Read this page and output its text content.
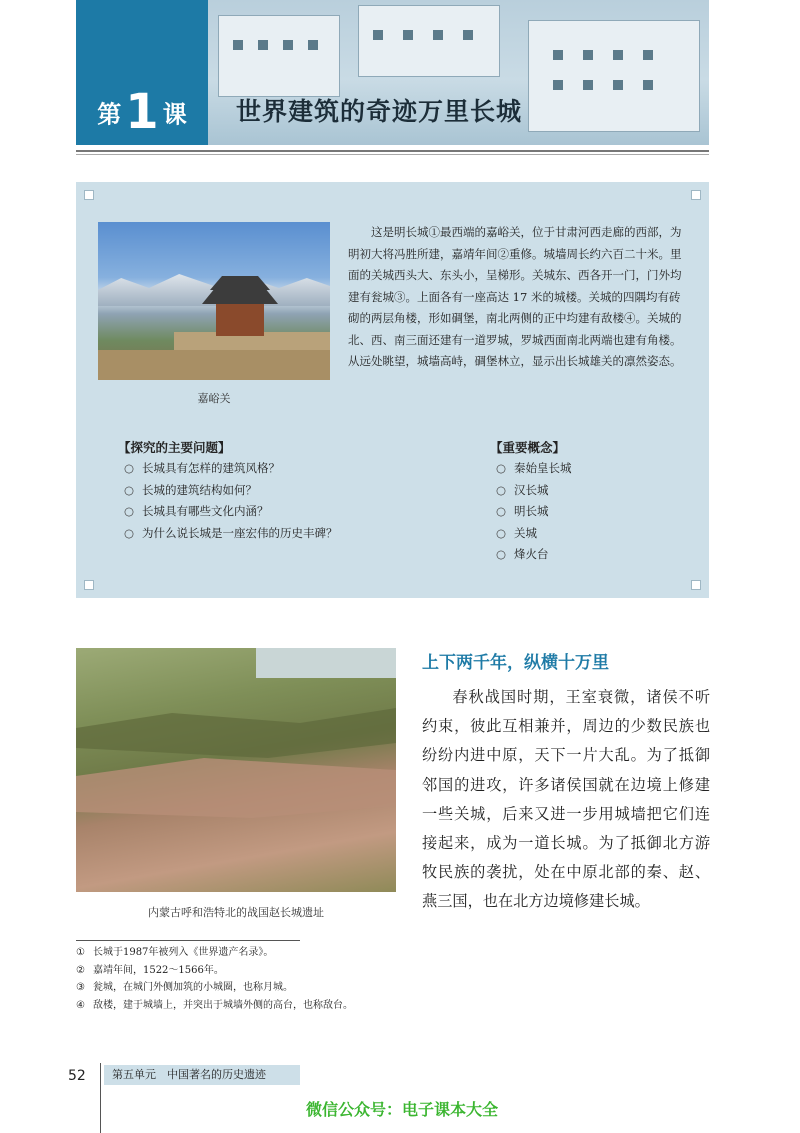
第1 课	世界建筑的奇迹万里长城
嘉峪关
这是明长城①最西端的嘉峪关，位于甘肃河西走廊的西部，为明初大将冯胜所建，嘉靖年间②重修。城墙周长约六百二十米。里面的关城西头大、东头小，呈梯形。关城东、西各开一门，门外均建有瓮城③。上面各有一座高达 17 米的城楼。关城的四隅均有砖砌的两层角楼，形如碉堡，南北两侧的正中均建有敌楼④。关城的北、西、南三面还建有一道罗城，罗城西面南北两端也建有角楼。从远处眺望，城墙高峙，碉堡林立，显示出长城雄关的凛然姿态。
【探究的主要问题】
○ 长城具有怎样的建筑风格？
○ 长城的建筑结构如何？
○ 长城具有哪些文化内涵？
○ 为什么说长城是一座宏伟的历史丰碑？
【重要概念】
○ 秦始皇长城
○ 汉长城
○ 明长城
○ 关城
○ 烽火台
内蒙古呼和浩特北的战国赵长城遗址
上下两千年，纵横十万里
春秋战国时期，王室衰微，诸侯不听约束，彼此互相兼并，周边的少数民族也纷纷内进中原，天下一片大乱。为了抵御邻国的进攻，许多诸侯国就在边境上修建一些关城，后来又进一步用城墙把它们连接起来，成为一道长城。为了抵御北方游牧民族的袭扰，处在中原北部的秦、赵、燕三国，也在北方边境修建长城。
① 长城于1987年被列入《世界遗产名录》。
② 嘉靖年间，1522～1566年。
③ 瓮城，在城门外侧加筑的小城圈，也称月城。
④ 敌楼，建于城墙上，并突出于城墙外侧的高台，也称敌台。
52	第五单元　中国著名的历史遗迹
微信公众号：电子课本大全
